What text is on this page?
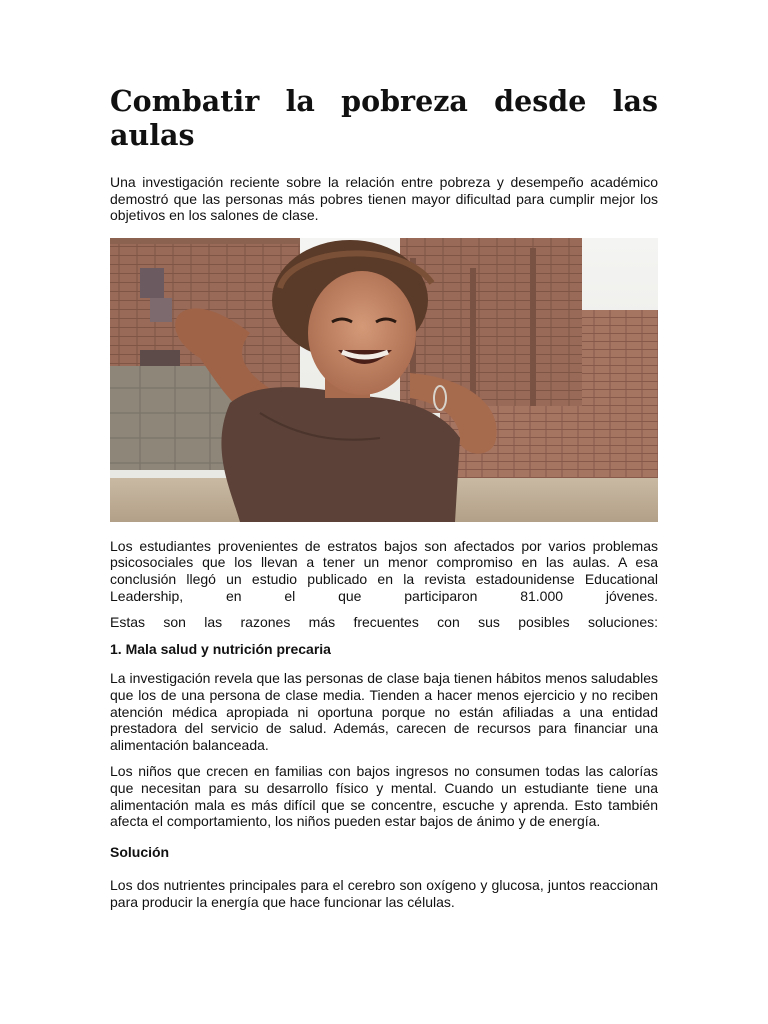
Combatir la pobreza desde las aulas

Una investigación reciente sobre la relación entre pobreza y desempeño académico demostró que las personas más pobres tienen mayor dificultad para cumplir mejor los objetivos en los salones de clase.

Los estudiantes provenientes de estratos bajos son afectados por varios problemas psicosociales que los llevan a tener un menor compromiso en las aulas. A esa conclusión llegó un estudio publicado en la revista estadounidense Educational Leadership, en el que participaron 81.000 jóvenes.

Estas son las razones más frecuentes con sus posibles soluciones:

1. Mala salud y nutrición precaria

La investigación revela que las personas de clase baja tienen hábitos menos saludables que los de una persona de clase media. Tienden a hacer menos ejercicio y no reciben atención médica apropiada ni oportuna porque no están afiliadas a una entidad prestadora del servicio de salud. Además, carecen de recursos para financiar una alimentación balanceada.

Los niños que crecen en familias con bajos ingresos no consumen todas las calorías que necesitan para su desarrollo físico y mental. Cuando un estudiante tiene una alimentación mala es más difícil que se concentre, escuche y aprenda. Esto también afecta el comportamiento, los niños pueden estar bajos de ánimo y de energía.

Solución

Los dos nutrientes principales para el cerebro son oxígeno y glucosa, juntos reaccionan para producir la energía que hace funcionar las células.
